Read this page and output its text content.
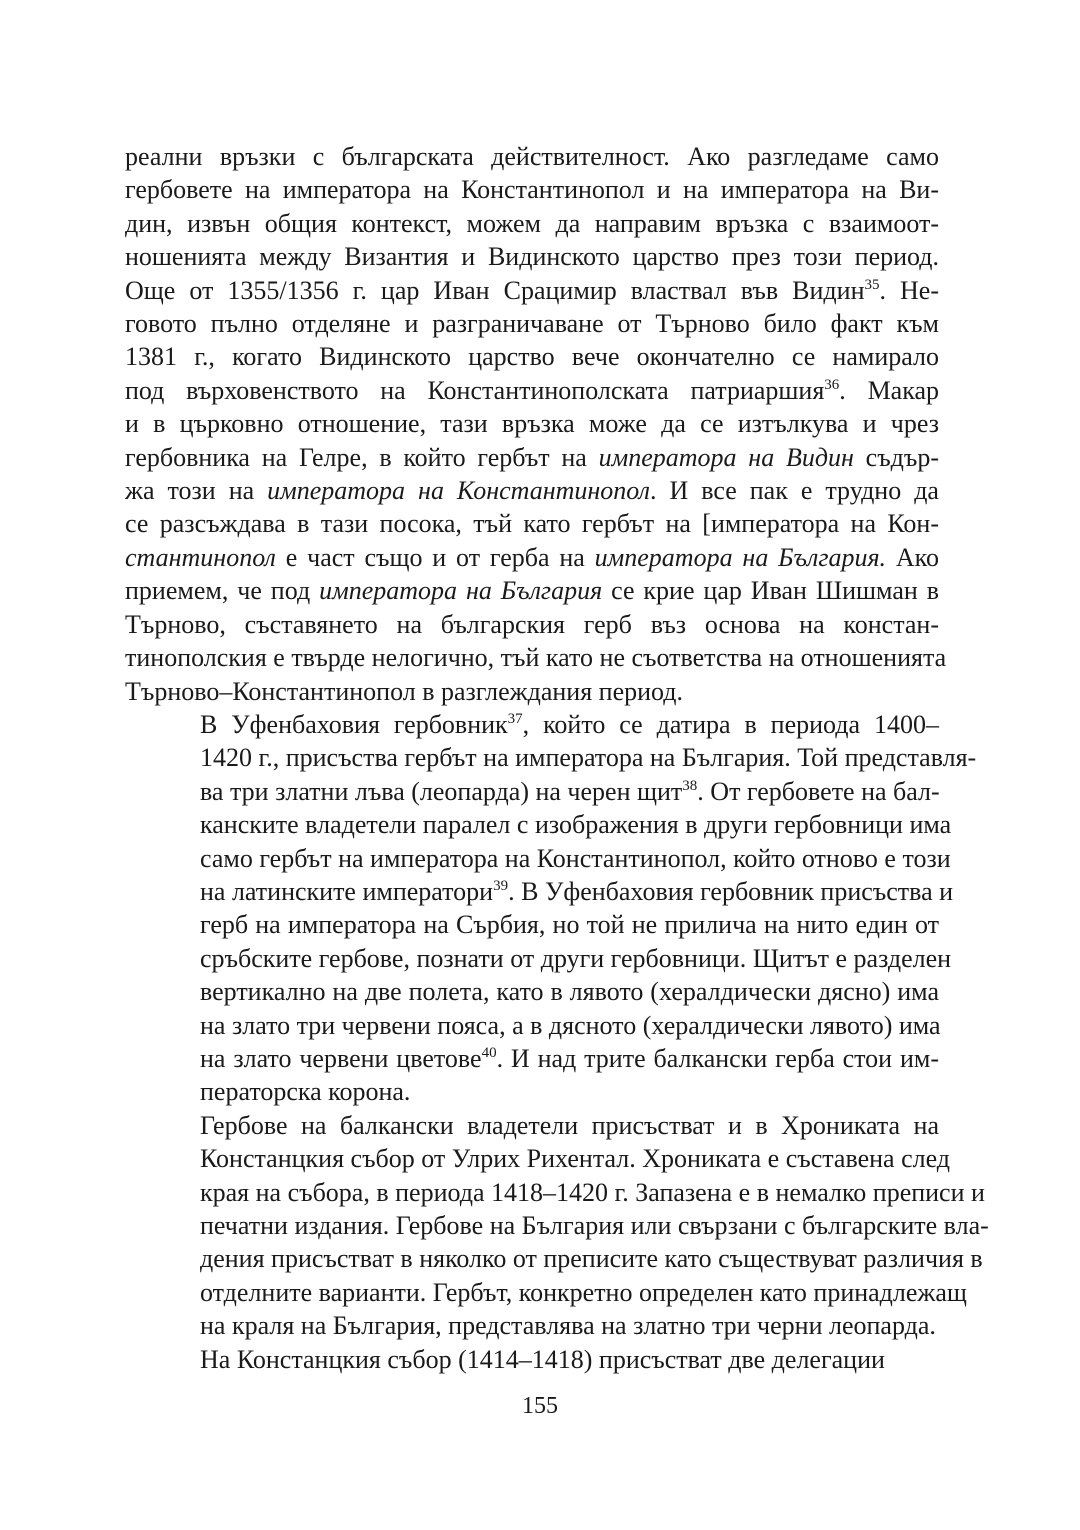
реални връзки с българската действителност. Ако разгледаме само
гербовете на императора на Константинопол и на императора на Ви-
дин, извън общия контекст, можем да направим връзка с взаимоот-
ношенията между Византия и Видинското царство през този период.
Още от 1355/1356 г. цар Иван Срацимир властвал във Видин$^{35}$. Не-
говото пълно отделяне и разграничаване от Търново било факт към
1381 г., когато Видинското царство вече окончателно се намирало
под върховенството на Константинополската патриаршия$^{36}$. Макар
и в църковно отношение, тази връзка може да се изтълкува и чрез
гербовника на Гелре, в който гербът на императора на Видин съдър-
жа този на императора на Константинопол. И все пак е трудно да
се разсъждава в тази посока, тъй като гербът на [императора на Кон-
стантинопол е част също и от герба на императора на България. Ако
приемем, че под императора на България се крие цар Иван Шишман в
Търново, съставянето на българския герб въз основа на констан-
тинополския е твърде нелогично, тъй като не съответства на отношенията
Търново–Константинопол в разглеждания период.
В Уфенбаховия гербовник$^{37}$, който се датира в периода 1400–
1420 г., присъства гербът на императора на България. Той представля-
ва три златни лъва (леопарда) на черен щит$^{38}$. От гербовете на бал-
канските владетели паралел с изображения в други гербовници има
само гербът на императора на Константинопол, който отново е този
на латинските императори$^{39}$. В Уфенбаховия гербовник присъства и
герб на императора на Сърбия, но той не прилича на нито един от
сръбските гербове, познати от други гербовници. Щитът е разделен
вертикално на две полета, като в лявото (хералдически дясно) има
на злато три червени пояса, а в дясното (хералдически лявото) има
на злато червени цветове$^{40}$. И над трите балкански герба стои им-
ператорска корона.
Гербове на балкански владетели присъстват и в Хрониката на
Констанцкия събор от Улрих Рихентал. Хрониката е съставена след
края на събора, в периода 1418–1420 г. Запазена е в немалко преписи и
печатни издания. Гербове на България или свързани с българските вла-
дения присъстват в няколко от преписите като съществуват различия в
отделните варианти. Гербът, конкретно определен като принадлежащ
на краля на България, представлява на златно три черни леопарда.
На Констанцкия събор (1414–1418) присъстват две делегации
155
